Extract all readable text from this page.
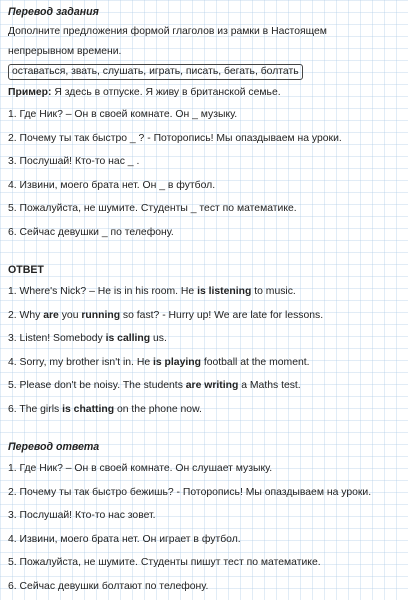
Перевод задания

Дополните предложения формой глаголов из рамки в Настоящем

непрерывном времени.

оставаться, звать, слушать, играть, писать, бегать, болтать

Пример: Я здесь в отпуске. Я живу в британской семье.

1. Где Ник? – Он в своей комнате. Он _ музыку.

2. Почему ты так быстро _ ? - Поторопись! Мы опаздываем на уроки.

3. Послушай! Кто-то нас _ .

4. Извини, моего брата нет. Он _ в футбол.

5. Пожалуйста, не шумите. Студенты _ тест по математике.

6. Сейчас девушки _ по телефону.

ОТВЕТ

1. Where's Nick? – He is in his room. He is listening to music.

2. Why are you running so fast? - Hurry up! We are late for lessons.

3. Listen! Somebody is calling us.

4. Sorry, my brother isn't in. He is playing football at the moment.

5. Please don't be noisy. The students are writing a Maths test.

6. The girls is chatting on the phone now.

Перевод ответа

1. Где Ник? – Он в своей комнате. Он слушает музыку.

2. Почему ты так быстро бежишь? - Поторопись! Мы опаздываем на уроки.

3. Послушай! Кто-то нас зовет.

4. Извини, моего брата нет. Он играет в футбол.

5. Пожалуйста, не шумите. Студенты пишут тест по математике.

6. Сейчас девушки болтают по телефону.
